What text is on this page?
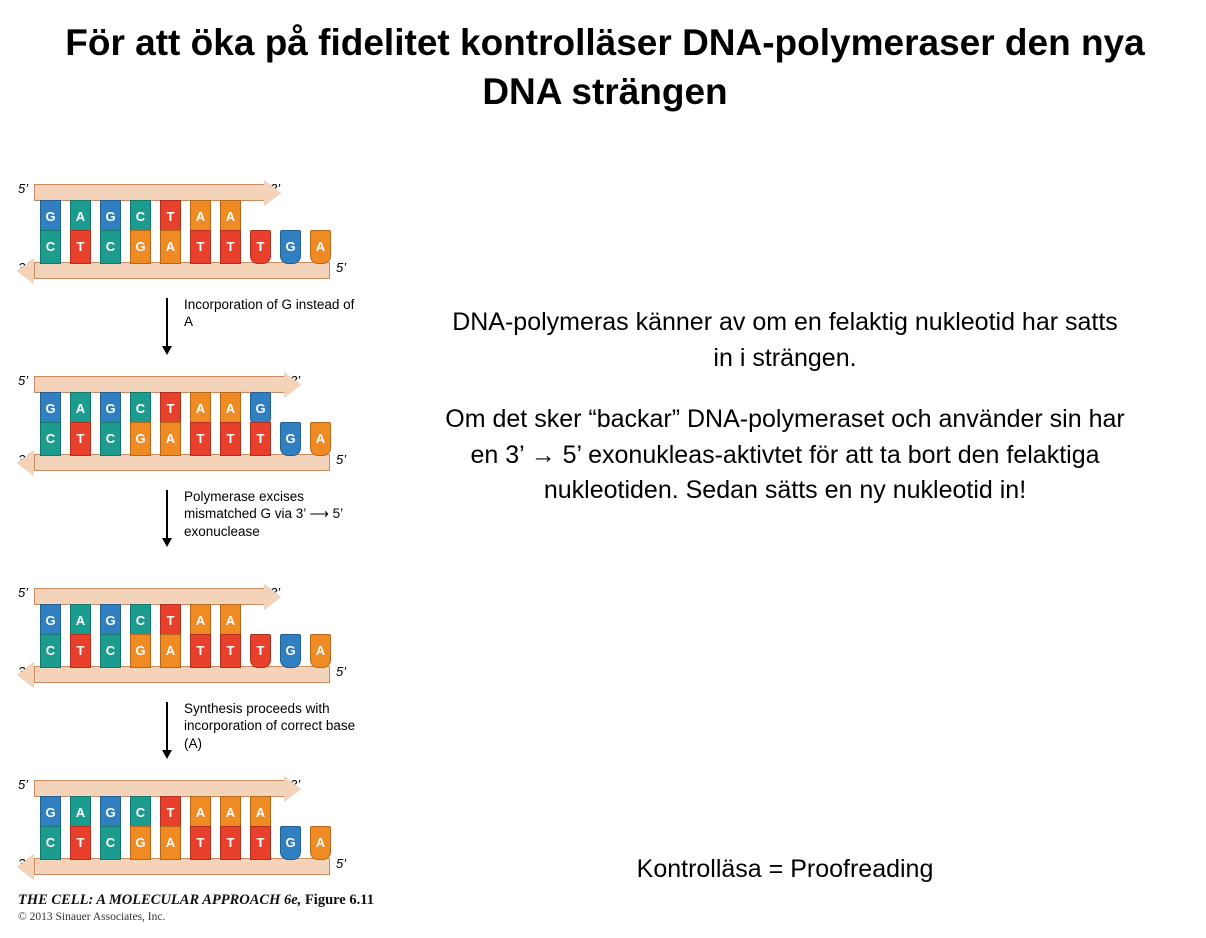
För att öka på fidelitet kontrolläser DNA-polymeraser den nya DNA strängen

DNA-polymeras känner av om en felaktig nukleotid har satts in i strängen.

Om det sker “backar” DNA-polymeraset och använder sin har en 3’ → 5’ exonukleas-aktivtet för att ta bort den felaktiga nukleotiden. Sedan sätts en ny nukleotid in!

Kontrolläsa = Proofreading
5’	3’
3’	5’
G	A	G	C	T	A	A
C	T	C	G	A	T	T	T	G	A
Incorporation of G instead of A
5’	3’
3’	5’
G	A	G	C	T	A	A	G
C	T	C	G	A	T	T	T	G	A
Polymerase excises mismatched G via 3’ ⟶ 5’ exonuclease
5’	3’
3’	5’
G	A	G	C	T	A	A
C	T	C	G	A	T	T	T	G	A
Synthesis proceeds with incorporation of correct base (A)
5’	3’
3’	5’
G	A	G	C	T	A	A	A
C	T	C	G	A	T	T	T	G	A
THE CELL: A MOLECULAR APPROACH 6e, Figure 6.11
© 2013 Sinauer Associates, Inc.
